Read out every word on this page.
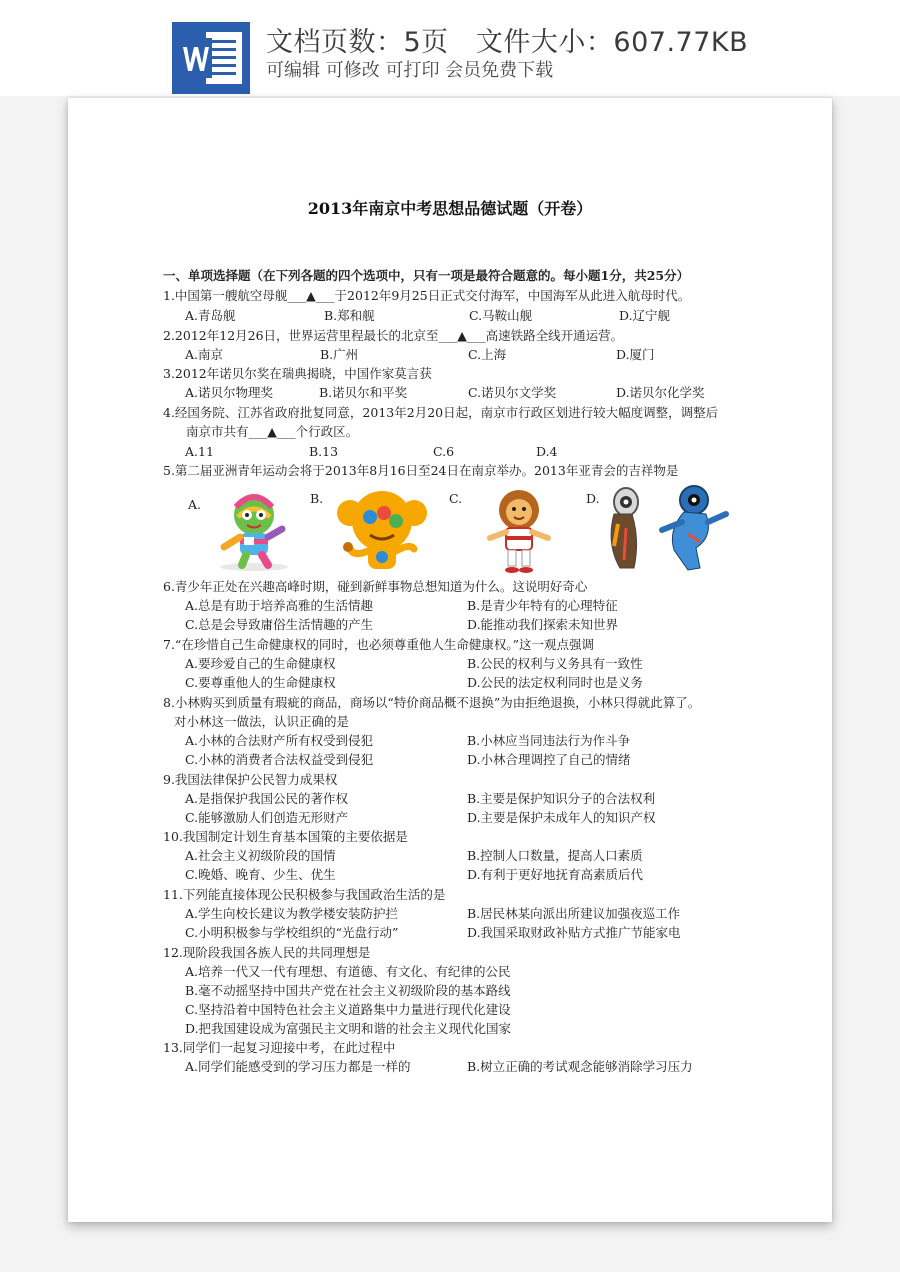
文档页数：5页   文件大小：607.77KB
可编辑 可修改 可打印 会员免费下载
2013年南京中考思想品德试题（开卷）
一、单项选择题（在下列各题的四个选项中，只有一项是最符合题意的。每小题1分，共25分）
1.中国第一艘航空母舰___▲___于2012年9月25日正式交付海军，中国海军从此进入航母时代。
A.青岛舰	B.郑和舰	C.马鞍山舰	D.辽宁舰
2.2012年12月26日，世界运营里程最长的北京至___▲___高速铁路全线开通运营。
A.南京	B.广州	C.上海	D.厦门
3.2012年诺贝尔奖在瑞典揭晓，中国作家莫言获
A.诺贝尔物理奖	B.诺贝尔和平奖	C.诺贝尔文学奖	D.诺贝尔化学奖
4.经国务院、江苏省政府批复同意，2013年2月20日起，南京市行政区划进行较大幅度调整，调整后
南京市共有___▲___个行政区。
A.11	B.13	C.6	D.4
5.第二届亚洲青年运动会将于2013年8月16日至24日在南京举办。2013年亚青会的吉祥物是
A.	B.	C.	D.
6.青少年正处在兴趣高峰时期，碰到新鲜事物总想知道为什么。这说明好奇心
A.总是有助于培养高雅的生活情趣	B.是青少年特有的心理特征
C.总是会导致庸俗生活情趣的产生	D.能推动我们探索未知世界
7.“在珍惜自己生命健康权的同时，也必须尊重他人生命健康权。”这一观点强调
A.要珍爱自己的生命健康权	B.公民的权利与义务具有一致性
C.要尊重他人的生命健康权	D.公民的法定权利同时也是义务
8.小林购买到质量有瑕疵的商品，商场以“特价商品概不退换”为由拒绝退换，小林只得就此算了。
对小林这一做法，认识正确的是
A.小林的合法财产所有权受到侵犯	B.小林应当同违法行为作斗争
C.小林的消费者合法权益受到侵犯	D.小林合理调控了自己的情绪
9.我国法律保护公民智力成果权
A.是指保护我国公民的著作权	B.主要是保护知识分子的合法权利
C.能够激励人们创造无形财产	D.主要是保护未成年人的知识产权
10.我国制定计划生育基本国策的主要依据是
A.社会主义初级阶段的国情	B.控制人口数量，提高人口素质
C.晚婚、晚育、少生、优生	D.有利于更好地抚育高素质后代
11.下列能直接体现公民积极参与我国政治生活的是
A.学生向校长建议为教学楼安装防护拦	B.居民林某向派出所建议加强夜巡工作
C.小明积极参与学校组织的“光盘行动”	D.我国采取财政补贴方式推广节能家电
12.现阶段我国各族人民的共同理想是
A.培养一代又一代有理想、有道德、有文化、有纪律的公民
B.毫不动摇坚持中国共产党在社会主义初级阶段的基本路线
C.坚持沿着中国特色社会主义道路集中力量进行现代化建设
D.把我国建设成为富强民主文明和谐的社会主义现代化国家
13.同学们一起复习迎接中考，在此过程中
A.同学们能感受到的学习压力都是一样的	B.树立正确的考试观念能够消除学习压力
